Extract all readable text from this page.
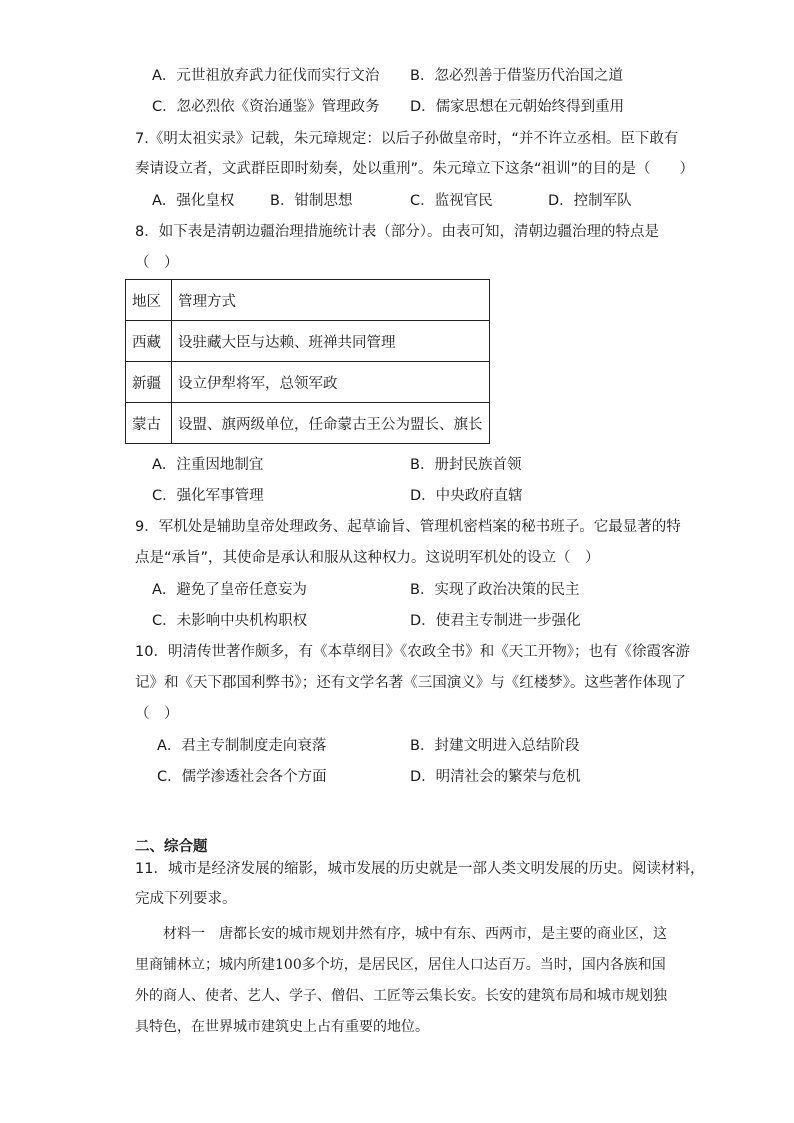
A．元世祖放弃武力征伐而实行文治 B．忽必烈善于借鉴历代治国之道
C．忽必烈依《资治通鉴》管理政务 D．儒家思想在元朝始终得到重用
7.《明太祖实录》记载，朱元璋规定：以后子孙做皇帝时，“并不许立丞相。臣下敢有
奏请设立者，文武群臣即时劾奏，处以重刑”。朱元璋立下这条“祖训”的目的是（　　）
A．强化皇权 B．钳制思想	C．监视官民	D．控制军队
8．如下表是清朝边疆治理措施统计表（部分）。由表可知，清朝边疆治理的特点是
（　）
地区	管理方式
西藏	设驻藏大臣与达赖、班禅共同管理
新疆	设立伊犁将军，总领军政
蒙古	设盟、旗两级单位，任命蒙古王公为盟长、旗长
A．注重因地制宜	B．册封民族首领
C．强化军事管理	D．中央政府直辖
9．军机处是辅助皇帝处理政务、起草谕旨、管理机密档案的秘书班子。它最显著的特
点是“承旨”，其使命是承认和服从这种权力。这说明军机处的设立（　）
A．避免了皇帝任意妄为	B．实现了政治决策的民主
C．未影响中央机构职权	D．使君主专制进一步强化
10．明清传世著作颇多，有《本草纲目》《农政全书》和《天工开物》；也有《徐霞客游
记》和《天下郡国利弊书》；还有文学名著《三国演义》与《红楼梦》。这些著作体现了
（　）
A．君主专制制度走向衰落	B．封建文明进入总结阶段
C．儒学渗透社会各个方面	D．明清社会的繁荣与危机
二、综合题
11．城市是经济发展的缩影，城市发展的历史就是一部人类文明发展的历史。阅读材料，
完成下列要求。
材料一　唐都长安的城市规划井然有序，城中有东、西两市，是主要的商业区，这
里商铺林立；城内所建100多个坊，是居民区，居住人口达百万。当时，国内各族和国
外的商人、使者、艺人、学子、僧侣、工匠等云集长安。长安的建筑布局和城市规划独
具特色，在世界城市建筑史上占有重要的地位。
